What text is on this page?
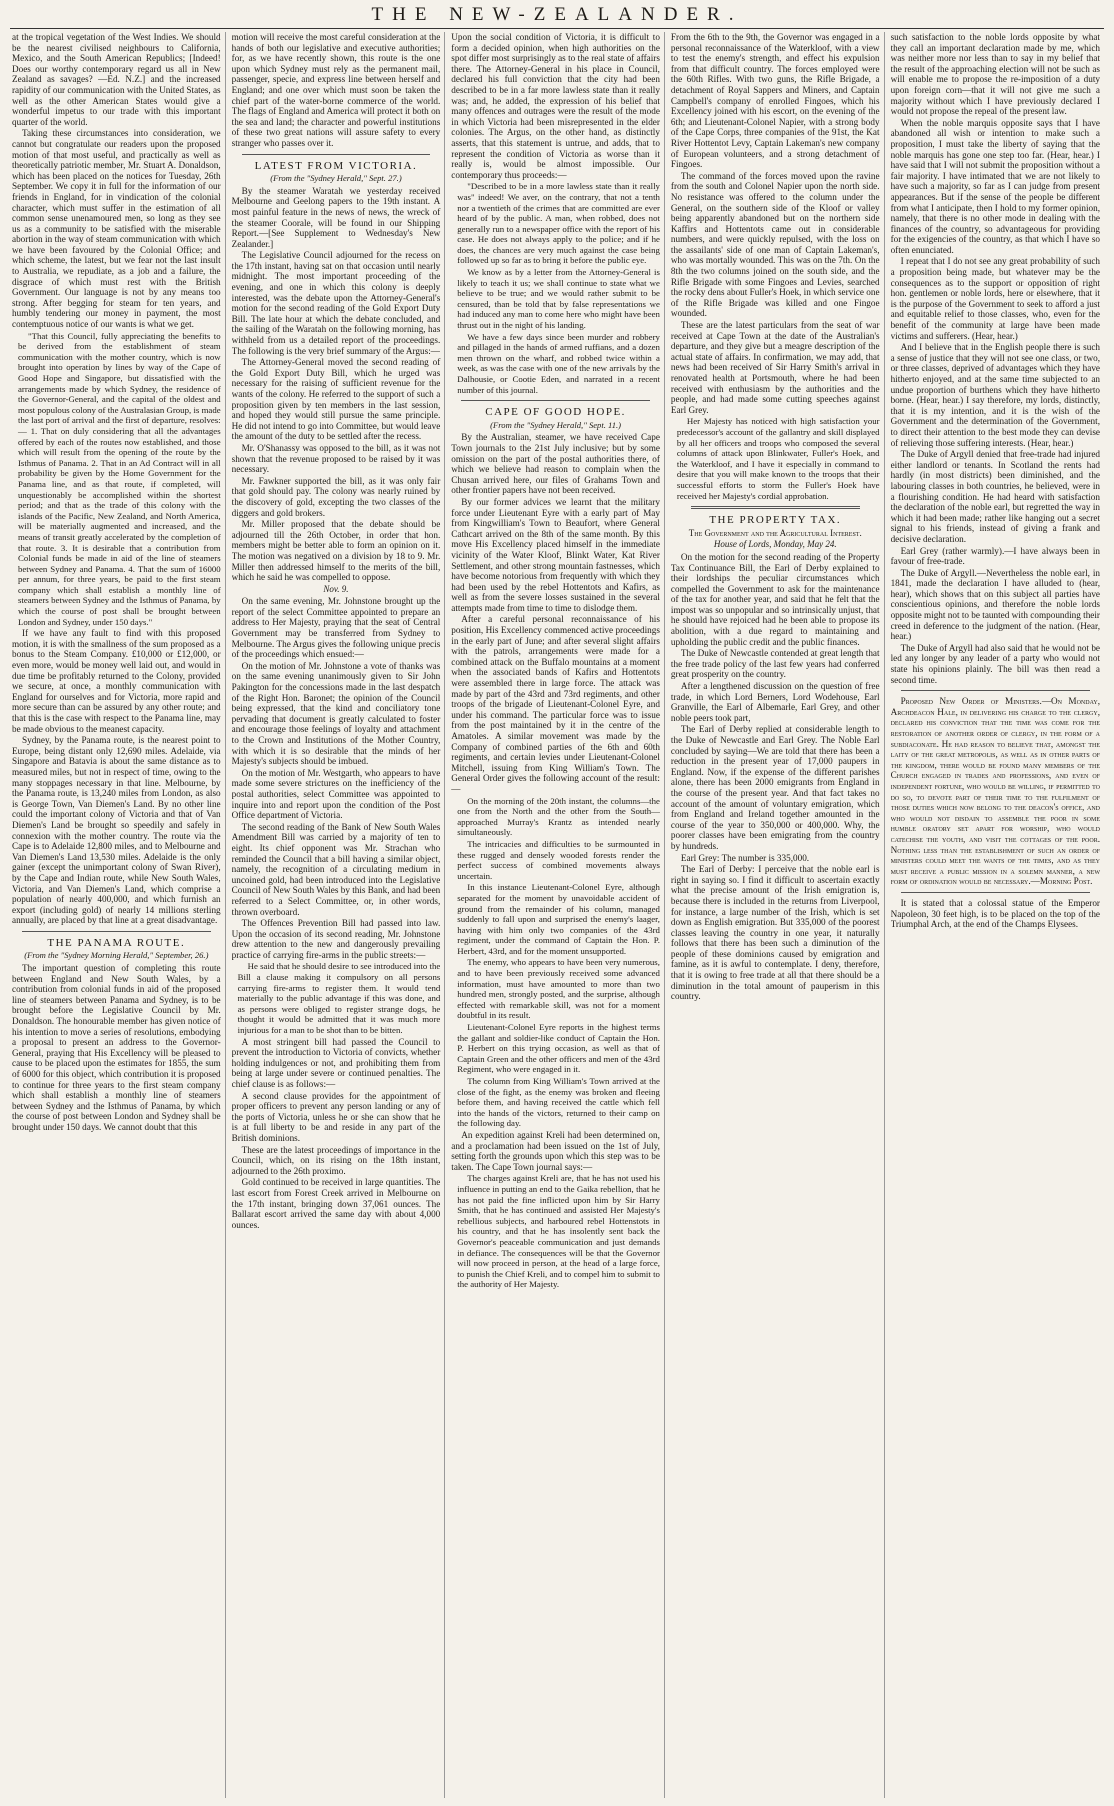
THE NEW-ZEALANDER.

at the tropical vegetation of the West Indies. We should be the nearest civilised neighbours to California, Mexico, and the South American Republics; [Indeed! Does our worthy contemporary regard us all in New Zealand as savages? —Ed. N.Z.] and the increased rapidity of our communication with the United States, as well as the other American States would give a wonderful impetus to our trade with this important quarter of the world.

Taking these circumstances into consideration, we cannot but congratulate our readers upon the proposed motion of that most useful, and practically as well as theoretically patriotic member, Mr. Stuart A. Donaldson, which has been placed on the notices for Tuesday, 26th September. We copy it in full for the information of our friends in England, for in vindication of the colonial character, which must suffer in the estimation of all common sense unenamoured men, so long as they see us as a community to be satisfied with the miserable abortion in the way of steam communication with which we have been favoured by the Colonial Office; and which scheme, the latest, but we fear not the last insult to Australia, we repudiate, as a job and a failure, the disgrace of which must rest with the British Government. Our language is not by any means too strong. After begging for steam for ten years, and humbly tendering our money in payment, the most contemptuous notice of our wants is what we get.

"That this Council, fully appreciating the benefits to be derived from the establishment of steam communication with the mother country, which is now brought into operation by lines by way of the Cape of Good Hope and Singapore, but dissatisfied with the arrangements made by which Sydney, the residence of the Governor-General, and the capital of the oldest and most populous colony of the Australasian Group, is made the last port of arrival and the first of departure, resolves:— 1. That on duly considering that all the advantages offered by each of the routes now established, and those which will result from the opening of the route by the Isthmus of Panama. 2. That in an Ad Contract will in all probability be given by the Home Government for the Panama line, and as that route, if completed, will unquestionably be accomplished within the shortest period; and that as the trade of this colony with the islands of the Pacific, New Zealand, and North America, will be materially augmented and increased, and the means of transit greatly accelerated by the completion of that route. 3. It is desirable that a contribution from Colonial funds be made in aid of the line of steamers between Sydney and Panama. 4. That the sum of 16000 per annum, for three years, be paid to the first steam company which shall establish a monthly line of steamers between Sydney and the Isthmus of Panama, by which the course of post shall be brought between London and Sydney, under 150 days."

If we have any fault to find with this proposed motion, it is with the smallness of the sum proposed as a bonus to the Steam Company. £10,000 or £12,000, or even more, would be money well laid out, and would in due time be profitably returned to the Colony, provided we secure, at once, a monthly communication with England for ourselves and for Victoria, more rapid and more secure than can be assured by any other route; and that this is the case with respect to the Panama line, may be made obvious to the meanest capacity.

Sydney, by the Panama route, is the nearest point to Europe, being distant only 12,690 miles. Adelaide, via Singapore and Batavia is about the same distance as to measured miles, but not in respect of time, owing to the many stoppages necessary in that line. Melbourne, by the Panama route, is 13,240 miles from London, as also is George Town, Van Diemen's Land. By no other line could the important colony of Victoria and that of Van Diemen's Land be brought so speedily and safely in connexion with the mother country. The route via the Cape is to Adelaide 12,800 miles, and to Melbourne and Van Diemen's Land 13,530 miles. Adelaide is the only gainer (except the unimportant colony of Swan River), by the Cape and Indian route, while New South Wales, Victoria, and Van Diemen's Land, which comprise a population of nearly 400,000, and which furnish an export (including gold) of nearly 14 millions sterling annually, are placed by that line at a great disadvantage.

THE PANAMA ROUTE.
(From the "Sydney Morning Herald," September, 26.)

The important question of completing this route between England and New South Wales, by a contribution from colonial funds in aid of the proposed line of steamers between Panama and Sydney, is to be brought before the Legislative Council by Mr. Donaldson. The honourable member has given notice of his intention to move a series of resolutions, embodying a proposal to present an address to the Governor-General, praying that His Excellency will be pleased to cause to be placed upon the estimates for 1855, the sum of 6000 for this object, which contribution it is proposed to continue for three years to the first steam company which shall establish a monthly line of steamers between Sydney and the Isthmus of Panama, by which the course of post between London and Sydney shall be brought under 150 days. We cannot doubt that this

motion will receive the most careful consideration at the hands of both our legislative and executive authorities; for, as we have recently shown, this route is the one upon which Sydney must rely as the permanent mail, passenger, specie, and express line between herself and England; and one over which must soon be taken the chief part of the water-borne commerce of the world. The flags of England and America will protect it both on the sea and land; the character and powerful institutions of these two great nations will assure safety to every stranger who passes over it.

LATEST FROM VICTORIA.
(From the "Sydney Herald," Sept. 27.)

By the steamer Waratah we yesterday received Melbourne and Geelong papers to the 19th instant. A most painful feature in the news of news, the wreck of the steamer Coorale, will be found in our Shipping Report.—[See Supplement to Wednesday's New Zealander.]

The Legislative Council adjourned for the recess on the 17th instant, having sat on that occasion until nearly midnight. The most important proceeding of the evening, and one in which this colony is deeply interested, was the debate upon the Attorney-General's motion for the second reading of the Gold Export Duty Bill. The late hour at which the debate concluded, and the sailing of the Waratah on the following morning, has withheld from us a detailed report of the proceedings. The following is the very brief summary of the Argus:—

The Attorney-General moved the second reading of the Gold Export Duty Bill, which he urged was necessary for the raising of sufficient revenue for the wants of the colony. He referred to the support of such a proposition given by ten members in the last session, and hoped they would still pursue the same principle. He did not intend to go into Committee, but would leave the amount of the duty to be settled after the recess.

Mr. O'Shanassy was opposed to the bill, as it was not shown that the revenue proposed to be raised by it was necessary.

Mr. Fawkner supported the bill, as it was only fair that gold should pay. The colony was nearly ruined by the discovery of gold, excepting the two classes of the diggers and gold brokers.

Mr. Miller proposed that the debate should be adjourned till the 26th October, in order that hon. members might be better able to form an opinion on it. The motion was negatived on a division by 18 to 9. Mr. Miller then addressed himself to the merits of the bill, which he said he was compelled to oppose.

Nov. 9.

On the same evening, Mr. Johnstone brought up the report of the select Committee appointed to prepare an address to Her Majesty, praying that the seat of Central Government may be transferred from Sydney to Melbourne. The Argus gives the following unique precis of the proceedings which ensued:—

On the motion of Mr. Johnstone a vote of thanks was on the same evening unanimously given to Sir John Pakington for the concessions made in the last despatch of the Right Hon. Baronet; the opinion of the Council being expressed, that the kind and conciliatory tone pervading that document is greatly calculated to foster and encourage those feelings of loyalty and attachment to the Crown and Institutions of the Mother Country, with which it is so desirable that the minds of her Majesty's subjects should be imbued.

On the motion of Mr. Westgarth, who appears to have made some severe strictures on the inefficiency of the postal authorities, select Committee was appointed to inquire into and report upon the condition of the Post Office department of Victoria.

The second reading of the Bank of New South Wales Amendment Bill was carried by a majority of ten to eight. Its chief opponent was Mr. Strachan who reminded the Council that a bill having a similar object, namely, the recognition of a circulating medium in uncoined gold, had been introduced into the Legislative Council of New South Wales by this Bank, and had been referred to a Select Committee, or, in other words, thrown overboard.

The Offences Prevention Bill had passed into law. Upon the occasion of its second reading, Mr. Johnstone drew attention to the new and dangerously prevailing practice of carrying fire-arms in the public streets:—

He said that he should desire to see introduced into the Bill a clause making it compulsory on all persons carrying fire-arms to register them. It would tend materially to the public advantage if this was done, and as persons were obliged to register strange dogs, he thought it would be admitted that it was much more injurious for a man to be shot than to be bitten.

A most stringent bill had passed the Council to prevent the introduction to Victoria of convicts, whether holding indulgences or not, and prohibiting them from being at large under severe or continued penalties. The chief clause is as follows:—

A second clause provides for the appointment of proper officers to prevent any person landing or any of the ports of Victoria, unless he or she can show that he is at full liberty to be and reside in any part of the British dominions.

These are the latest proceedings of importance in the Council, which, on its rising on the 18th instant, adjourned to the 26th proximo.

Gold continued to be received in large quantities. The last escort from Forest Creek arrived in Melbourne on the 17th instant, bringing down 37,061 ounces. The Ballarat escort arrived the same day with about 4,000 ounces.

Upon the social condition of Victoria, it is difficult to form a decided opinion, when high authorities on the spot differ most surprisingly as to the real state of affairs there. The Attorney-General in his place in Council, declared his full conviction that the city had been described to be in a far more lawless state than it really was; and, he added, the expression of his belief that many offences and outrages were the result of the mode in which Victoria had been misrepresented in the elder colonies. The Argus, on the other hand, as distinctly asserts, that this statement is untrue, and adds, that to represent the condition of Victoria as worse than it really is, would be almost impossible. Our contemporary thus proceeds:—

"Described to be in a more lawless state than it really was" indeed! We aver, on the contrary, that not a tenth nor a twentieth of the crimes that are committed are ever heard of by the public. A man, when robbed, does not generally run to a newspaper office with the report of his case. He does not always apply to the police; and if he does, the chances are very much against the case being followed up so far as to bring it before the public eye.

We know as by a letter from the Attorney-General is likely to teach it us; we shall continue to state what we believe to be true; and we would rather submit to be censured, than be told that by false representations we had induced any man to come here who might have been thrust out in the night of his landing.

We have a few days since been murder and robbery and pillaged in the hands of armed ruffians, and a dozen men thrown on the wharf, and robbed twice within a week, as was the case with one of the new arrivals by the Dalhousie, or Cootie Eden, and narrated in a recent number of this journal.

CAPE OF GOOD HOPE.
(From the "Sydney Herald," Sept. 11.)

By the Australian, steamer, we have received Cape Town journals to the 21st July inclusive; but by some omission on the part of the postal authorities there, of which we believe had reason to complain when the Chusan arrived here, our files of Grahams Town and other frontier papers have not been received.

By our former advices we learnt that the military force under Lieutenant Eyre with a early part of May from Kingwilliam's Town to Beaufort, where General Cathcart arrived on the 8th of the same month. By this move His Excellency placed himself in the immediate vicinity of the Water Kloof, Blinkt Water, Kat River Settlement, and other strong mountain fastnesses, which have become notorious from frequently with which they had been used by the rebel Hottentots and Kafirs, as well as from the severe losses sustained in the several attempts made from time to time to dislodge them.

After a careful personal reconnaissance of his position, His Excellency commenced active proceedings in the early part of June; and after several slight affairs with the patrols, arrangements were made for a combined attack on the Buffalo mountains at a moment when the associated bands of Kafirs and Hottentots were assembled there in large force. The attack was made by part of the 43rd and 73rd regiments, and other troops of the brigade of Lieutenant-Colonel Eyre, and under his command. The particular force was to issue from the post maintained by it in the centre of the Amatoles. A similar movement was made by the Company of combined parties of the 6th and 60th regiments, and certain levies under Lieutenant-Colonel Mitchell, issuing from King William's Town. The General Order gives the following account of the result:—

On the morning of the 20th instant, the columns—the one from the North and the other from the South—approached Murray's Krantz as intended nearly simultaneously.

The intricacies and difficulties to be surmounted in these rugged and densely wooded forests render the perfect success of combined movements always uncertain.

In this instance Lieutenant-Colonel Eyre, although separated for the moment by unavoidable accident of ground from the remainder of his column, managed suddenly to fall upon and surprised the enemy's laager, having with him only two companies of the 43rd regiment, under the command of Captain the Hon. P. Herbert, 43rd, and for the moment unsupported.

The enemy, who appears to have been very numerous, and to have been previously received some advanced information, must have amounted to more than two hundred men, strongly posted, and the surprise, although effected with remarkable skill, was not for a moment doubtful in its result.

Lieutenant-Colonel Eyre reports in the highest terms the gallant and soldier-like conduct of Captain the Hon. P. Herbert on this trying occasion, as well as that of Captain Green and the other officers and men of the 43rd Regiment, who were engaged in it.

The column from King William's Town arrived at the close of the fight, as the enemy was broken and fleeing before them, and having received the cattle which fell into the hands of the victors, returned to their camp on the following day.

An expedition against Kreli had been determined on, and a proclamation had been issued on the 1st of July, setting forth the grounds upon which this step was to be taken. The Cape Town journal says:—

The charges against Kreli are, that he has not used his influence in putting an end to the Gaika rebellion, that he has not paid the fine inflicted upon him by Sir Harry Smith, that he has continued and assisted Her Majesty's rebellious subjects, and harboured rebel Hottenstots in his country, and that he has insolently sent back the Governor's peaceable communication and just demands in defiance. The consequences will be that the Governor will now proceed in person, at the head of a large force, to punish the Chief Kreli, and to compel him to submit to the authority of Her Majesty.

From the 6th to the 9th, the Governor was engaged in a personal reconnaissance of the Waterkloof, with a view to test the enemy's strength, and effect his expulsion from that difficult country. The forces employed were the 60th Rifles. With two guns, the Rifle Brigade, a detachment of Royal Sappers and Miners, and Captain Campbell's company of enrolled Fingoes, which his Excellency joined with his escort, on the evening of the 6th; and Lieutenant-Colonel Napier, with a strong body of the Cape Corps, three companies of the 91st, the Kat River Hottentot Levy, Captain Lakeman's new company of European volunteers, and a strong detachment of Fingoes.

The command of the forces moved upon the ravine from the south and Colonel Napier upon the north side. No resistance was offered to the column under the General, on the southern side of the Kloof or valley being apparently abandoned but on the northern side Kaffirs and Hottentots came out in considerable numbers, and were quickly repulsed, with the loss on the assailants' side of one man of Captain Lakeman's, who was mortally wounded. This was on the 7th. On the 8th the two columns joined on the south side, and the Rifle Brigade with some Fingoes and Levies, searched the rocky dens about Fuller's Hoek, in which service one of the Rifle Brigade was killed and one Fingoe wounded.

These are the latest particulars from the seat of war received at Cape Town at the date of the Australian's departure, and they give but a meagre description of the actual state of affairs. In confirmation, we may add, that news had been received of Sir Harry Smith's arrival in renovated health at Portsmouth, where he had been received with enthusiasm by the authorities and the people, and had made some cutting speeches against Earl Grey.

Her Majesty has noticed with high satisfaction your predecessor's account of the gallantry and skill displayed by all her officers and troops who composed the several columns of attack upon Blinkwater, Fuller's Hoek, and the Waterkloof, and I have it especially in command to desire that you will make known to the troops that their successful efforts to storm the Fuller's Hoek have received her Majesty's cordial approbation.

THE PROPERTY TAX.
The Government and the Agricultural Interest.
House of Lords, Monday, May 24.

On the motion for the second reading of the Property Tax Continuance Bill, the Earl of Derby explained to their lordships the peculiar circumstances which compelled the Government to ask for the maintenance of the tax for another year, and said that he felt that the impost was so unpopular and so intrinsically unjust, that he should have rejoiced had he been able to propose its abolition, with a due regard to maintaining and upholding the public credit and the public finances.

The Duke of Newcastle contended at great length that the free trade policy of the last few years had conferred great prosperity on the country.

After a lengthened discussion on the question of free trade, in which Lord Berners, Lord Wodehouse, Earl Granville, the Earl of Albemarle, Earl Grey, and other noble peers took part,

The Earl of Derby replied at considerable length to the Duke of Newcastle and Earl Grey. The Noble Earl concluded by saying—We are told that there has been a reduction in the present year of 17,000 paupers in England. Now, if the expense of the different parishes alone, there has been 2000 emigrants from England in the course of the present year. And that fact takes no account of the amount of voluntary emigration, which from England and Ireland together amounted in the course of the year to 350,000 or 400,000. Why, the poorer classes have been emigrating from the country by hundreds.

Earl Grey: The number is 335,000.

The Earl of Derby: I perceive that the noble earl is right in saying so. I find it difficult to ascertain exactly what the precise amount of the Irish emigration is, because there is included in the returns from Liverpool, for instance, a large number of the Irish, which is set down as English emigration. But 335,000 of the poorest classes leaving the country in one year, it naturally follows that there has been such a diminution of the people of these dominions caused by emigration and famine, as it is awful to contemplate. I deny, therefore, that it is owing to free trade at all that there should be a diminution in the total amount of pauperism in this country.

such satisfaction to the noble lords opposite by what they call an important declaration made by me, which was neither more nor less than to say in my belief that the result of the approaching election will not be such as will enable me to propose the re-imposition of a duty upon foreign corn—that it will not give me such a majority without which I have previously declared I would not propose the repeal of the present law.

When the noble marquis opposite says that I have abandoned all wish or intention to make such a proposition, I must take the liberty of saying that the noble marquis has gone one step too far. (Hear, hear.) I have said that I will not submit the proposition without a fair majority. I have intimated that we are not likely to have such a majority, so far as I can judge from present appearances. But if the sense of the people be different from what I anticipate, then I hold to my former opinion, namely, that there is no other mode in dealing with the finances of the country, so advantageous for providing for the exigencies of the country, as that which I have so often enunciated.

I repeat that I do not see any great probability of such a proposition being made, but whatever may be the consequences as to the support or opposition of right hon. gentlemen or noble lords, here or elsewhere, that it is the purpose of the Government to seek to afford a just and equitable relief to those classes, who, even for the benefit of the community at large have been made victims and sufferers. (Hear, hear.)

And I believe that in the English people there is such a sense of justice that they will not see one class, or two, or three classes, deprived of advantages which they have hitherto enjoyed, and at the same time subjected to an undue proportion of burthens which they have hitherto borne. (Hear, hear.) I say therefore, my lords, distinctly, that it is my intention, and it is the wish of the Government and the determination of the Government, to direct their attention to the best mode they can devise of relieving those suffering interests. (Hear, hear.)

The Duke of Argyll denied that free-trade had injured either landlord or tenants. In Scotland the rents had hardly (in most districts) been diminished, and the labouring classes in both countries, he believed, were in a flourishing condition. He had heard with satisfaction the declaration of the noble earl, but regretted the way in which it had been made; rather like hanging out a secret signal to his friends, instead of giving a frank and decisive declaration.

Earl Grey (rather warmly).—I have always been in favour of free-trade.

The Duke of Argyll.—Nevertheless the noble earl, in 1841, made the declaration I have alluded to (hear, hear), which shows that on this subject all parties have conscientious opinions, and therefore the noble lords opposite might not to be taunted with compounding their creed in deference to the judgment of the nation. (Hear, hear.)

The Duke of Argyll had also said that he would not be led any longer by any leader of a party who would not state his opinions plainly. The bill was then read a second time.

Proposed New Order of Ministers.—On Monday, Archdeacon Hale, in delivering his charge to the clergy, declared his conviction that the time was come for the restoration of another order of clergy, in the form of a subdiaconate. He had reason to believe that, amongst the laity of the great metropolis, as well as in other parts of the kingdom, there would be found many members of the Church engaged in trades and professions, and even of independent fortune, who would be willing, if permitted to do so, to devote part of their time to the fulfilment of those duties which now belong to the deacon's office, and who would not disdain to assemble the poor in some humble oratory set apart for worship, who would catechise the youth, and visit the cottages of the poor. Nothing less than the establishment of such an order of ministers could meet the wants of the times, and as they must receive a public mission in a solemn manner, a new form of ordination would be necessary.—Morning Post.

It is stated that a colossal statue of the Emperor Napoleon, 30 feet high, is to be placed on the top of the Triumphal Arch, at the end of the Champs Elysees.
